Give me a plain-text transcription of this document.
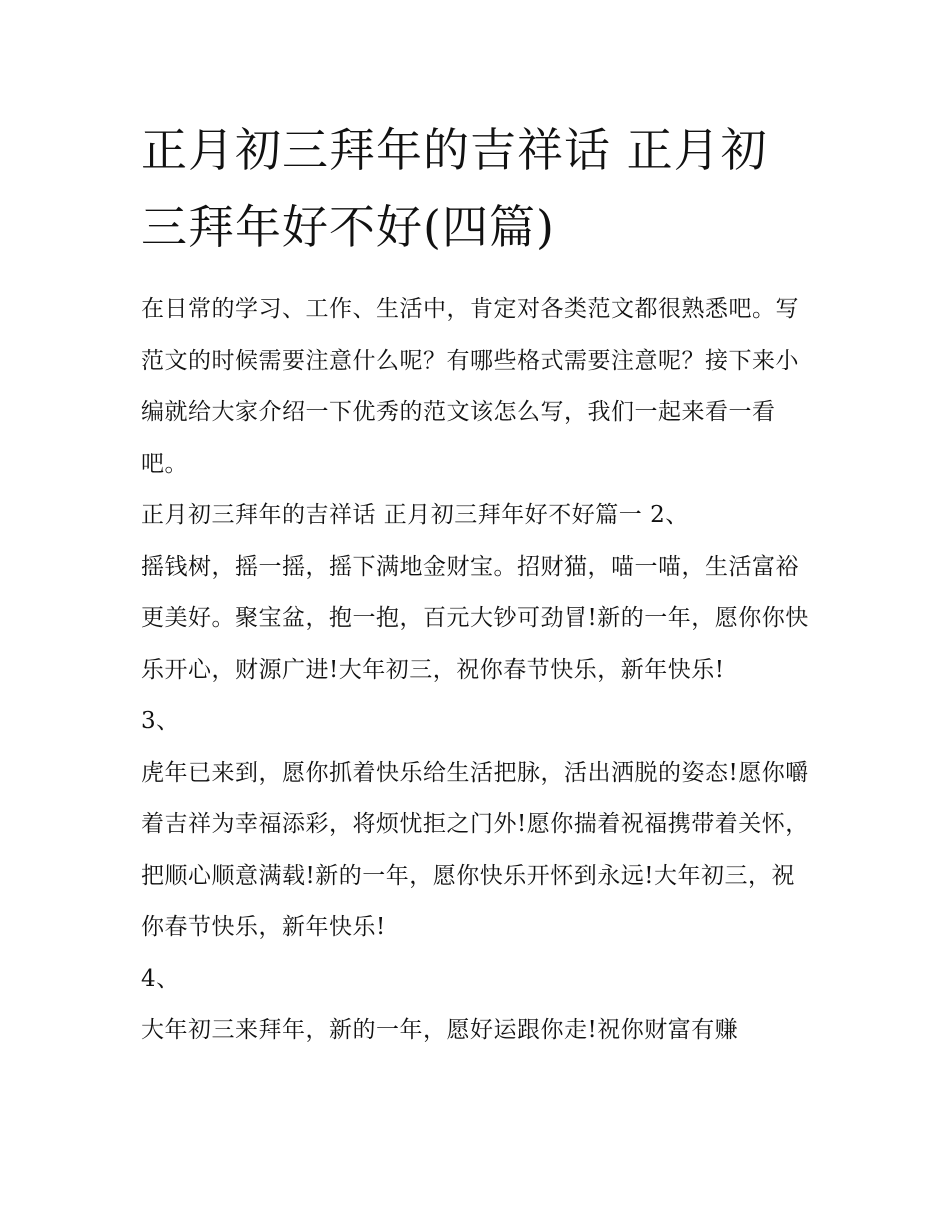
正月初三拜年的吉祥话 正月初三拜年好不好(四篇)

在日常的学习、工作、生活中，肯定对各类范文都很熟悉吧。写范文的时候需要注意什么呢？有哪些格式需要注意呢？接下来小编就给大家介绍一下优秀的范文该怎么写，我们一起来看一看吧。

正月初三拜年的吉祥话 正月初三拜年好不好篇一 2、

摇钱树，摇一摇，摇下满地金财宝。招财猫，喵一喵，生活富裕更美好。聚宝盆，抱一抱，百元大钞可劲冒!新的一年，愿你你快乐开心，财源广进!大年初三，祝你春节快乐，新年快乐!

3、

虎年已来到，愿你抓着快乐给生活把脉，活出洒脱的姿态!愿你嚼着吉祥为幸福添彩，将烦忧拒之门外!愿你揣着祝福携带着关怀，把顺心顺意满载!新的一年，愿你快乐开怀到永远!大年初三，祝你春节快乐，新年快乐!

4、

大年初三来拜年，新的一年，愿好运跟你走!祝你财富有赚
